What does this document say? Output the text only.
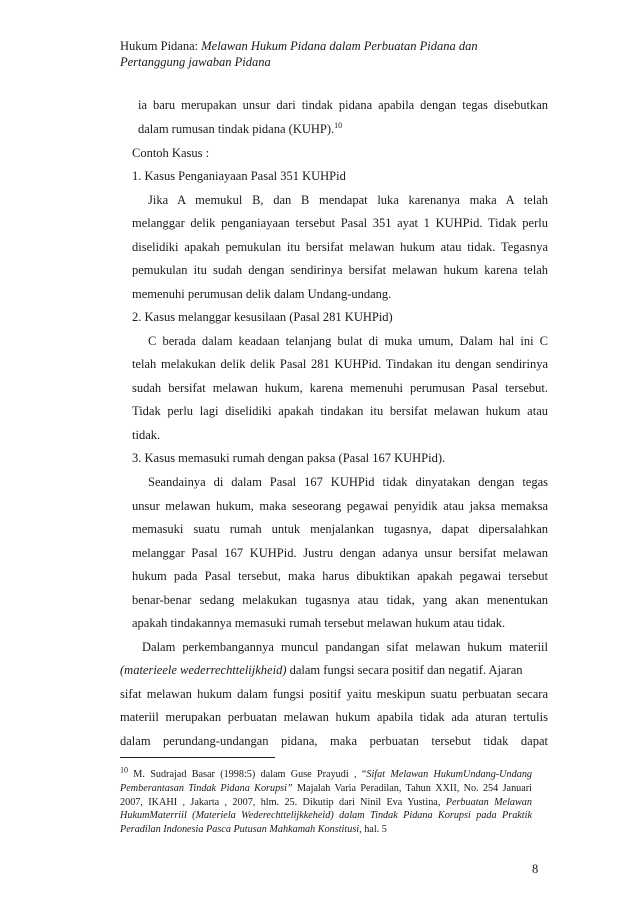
Hukum Pidana: Melawan Hukum Pidana dalam Perbuatan Pidana dan
Pertanggung jawaban Pidana
ia baru merupakan unsur dari tindak pidana apabila dengan tegas disebutkan
dalam rumusan tindak pidana (KUHP).$^{10}$
Contoh Kasus :
1. Kasus Penganiayaan Pasal 351 KUHPid
Jika A memukul B, dan B mendapat luka karenanya maka A telah
melanggar delik penganiayaan tersebut Pasal 351 ayat 1 KUHPid. Tidak perlu
diselidiki apakah pemukulan itu bersifat melawan hukum atau tidak. Tegasnya
pemukulan itu sudah dengan sendirinya bersifat melawan hukum karena telah
memenuhi perumusan delik dalam Undang-undang.
2. Kasus melanggar kesusilaan (Pasal 281 KUHPid)
C berada dalam keadaan telanjang bulat di muka umum, Dalam hal ini C
telah melakukan delik delik Pasal 281 KUHPid. Tindakan itu dengan sendirinya
sudah bersifat melawan hukum, karena memenuhi perumusan Pasal tersebut.
Tidak perlu lagi diselidiki apakah tindakan itu bersifat melawan hukum atau
tidak.
3. Kasus memasuki rumah dengan paksa (Pasal 167 KUHPid).
Seandainya di dalam Pasal 167 KUHPid tidak dinyatakan dengan tegas
unsur melawan hukum, maka seseorang pegawai penyidik atau jaksa memaksa
memasuki suatu rumah untuk menjalankan tugasnya, dapat dipersalahkan
melanggar Pasal 167 KUHPid. Justru dengan adanya unsur bersifat melawan
hukum pada Pasal tersebut, maka harus dibuktikan apakah pegawai tersebut
benar-benar sedang melakukan tugasnya atau tidak, yang akan menentukan
apakah tindakannya memasuki rumah tersebut melawan hukum atau tidak.
Dalam perkembangannya muncul pandangan sifat melawan hukum materiil
(materieele wederrechttelijkheid) dalam fungsi secara positif dan negatif. Ajaran
sifat melawan hukum dalam fungsi positif yaitu meskipun suatu perbuatan secara
materiil merupakan perbuatan melawan hukum apabila tidak ada aturan tertulis
dalam perundang-undangan pidana, maka perbuatan tersebut tidak dapat
$^{10}$ M. Sudrajad Basar (1998:5) dalam Guse Prayudi , “Sifat Melawan HukumUndang-Undang Pemberantasan Tindak Pidana Korupsi” Majalah Varia Peradilan, Tahun XXII, No. 254 Januari 2007, IKAHI , Jakarta , 2007, hlm. 25. Dikutip dari Ninil Eva Yustina, Perbuatan Melawan HukumMaterriil (Materiela Wederechttelijkkeheid) dalam Tindak Pidana Korupsi pada Praktik Peradilan Indonesia Pasca Putusan Mahkamah Konstitusi, hal. 5
8
